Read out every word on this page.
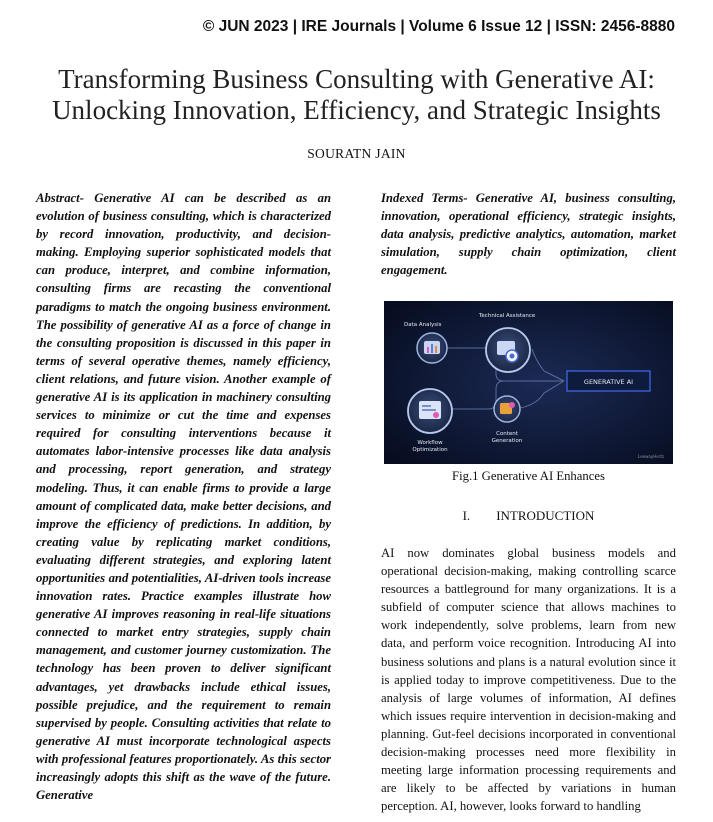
© JUN 2023 | IRE Journals | Volume 6 Issue 12 | ISSN: 2456-8880
Transforming Business Consulting with Generative AI:
Unlocking Innovation, Efficiency, and Strategic Insights
SOURATN JAIN
Abstract- Generative AI can be described as an evolution of business consulting, which is characterized by record innovation, productivity, and decision-making. Employing superior sophisticated models that can produce, interpret, and combine information, consulting firms are recasting the conventional paradigms to match the ongoing business environment. The possibility of generative AI as a force of change in the consulting proposition is discussed in this paper in terms of several operative themes, namely efficiency, client relations, and future vision. Another example of generative AI is its application in machinery consulting services to minimize or cut the time and expenses required for consulting interventions because it automates labor-intensive processes like data analysis and processing, report generation, and strategy modeling. Thus, it can enable firms to provide a large amount of complicated data, make better decisions, and improve the efficiency of predictions. In addition, by creating value by replicating market conditions, evaluating different strategies, and exploring latent opportunities and potentialities, AI-driven tools increase innovation rates. Practice examples illustrate how generative AI improves reasoning in real-life situations connected to market entry strategies, supply chain management, and customer journey customization. The technology has been proven to deliver significant advantages, yet drawbacks include ethical issues, possible prejudice, and the requirement to remain supervised by people. Consulting activities that relate to generative AI must incorporate technological aspects with professional features proportionately. As this sector increasingly adopts this shift as the wave of the future. Generative
Indexed Terms- Generative AI, business consulting, innovation, operational efficiency, strategic insights, data analysis, predictive analytics, automation, market simulation, supply chain optimization, client engagement.
Data Analysis
Technical Assistance
GENERATIVE AI
Workflow
Optimization
Content
Generation
LeewayHertz
Fig.1 Generative AI Enhances
I. INTRODUCTION
AI now dominates global business models and operational decision-making, making controlling scarce resources a battleground for many organizations. It is a subfield of computer science that allows machines to work independently, solve problems, learn from new data, and perform voice recognition. Introducing AI into business solutions and plans is a natural evolution since it is applied today to improve competitiveness. Due to the analysis of large volumes of information, AI defines which issues require intervention in decision-making and planning. Gut-feel decisions incorporated in conventional decision-making processes need more flexibility in meeting large information processing requirements and are likely to be affected by variations in human perception. AI, however, looks forward to handling
